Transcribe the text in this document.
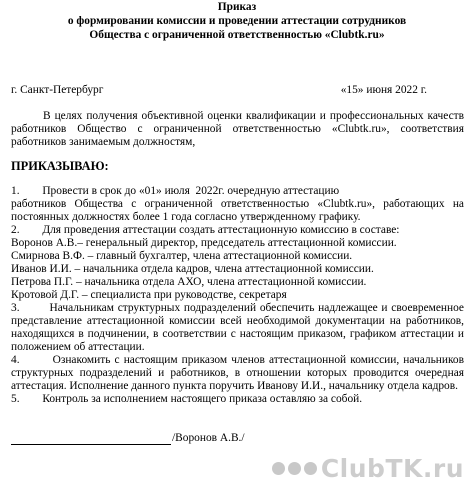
Приказ
о формировании комиссии и проведении аттестации сотрудников
Общества с ограниченной ответственностью «Clubtk.ru»
г. Санкт-Петербург	«15» июня 2022 г.
В целях получения объективной оценки квалификации и профессиональных качеств
работников Общество с ограниченной ответственностью «Clubtk.ru», соответствия
работников занимаемым должностям,
ПРИКАЗЫВАЮ:
1.        Провести в срок до «01» июля  2022г. очередную аттестацию
работников Общества с ограниченной ответственностью «Clubtk.ru», работающих на
постоянных должностях более 1 года согласно утвержденному графику.
2.        Для проведения аттестации создать аттестационную комиссию в составе:
Воронов А.В.– генеральный директор, председатель аттестационной комиссии.
Смирнова В.Ф. – главный бухгалтер, члена аттестационной комиссии.
Иванов И.И. – начальника отдела кадров, члена аттестационной комиссии.
Петрова П.Г. – начальника отдела АХО, члена аттестационной комиссии.
Кротовой Д.Г. – специалиста при руководстве, секретаря
3.        Начальникам структурных подразделений обеспечить надлежащее и своевременное
представление аттестационной комиссии всей необходимой документации на работников,
находящихся в подчинении, в соответствии с настоящим приказом, графиком аттестации и
положением об аттестации.
4.        Ознакомить с настоящим приказом членов аттестационной комиссии, начальников
структурных подразделений и работников, в отношении которых проводится очередная
аттестация. Исполнение данного пункта поручить Иванову И.И., начальнику отдела кадров.
5.        Контроль за исполнением настоящего приказа оставляю за собой.
/Воронов А.В./
ClubTK.ru
